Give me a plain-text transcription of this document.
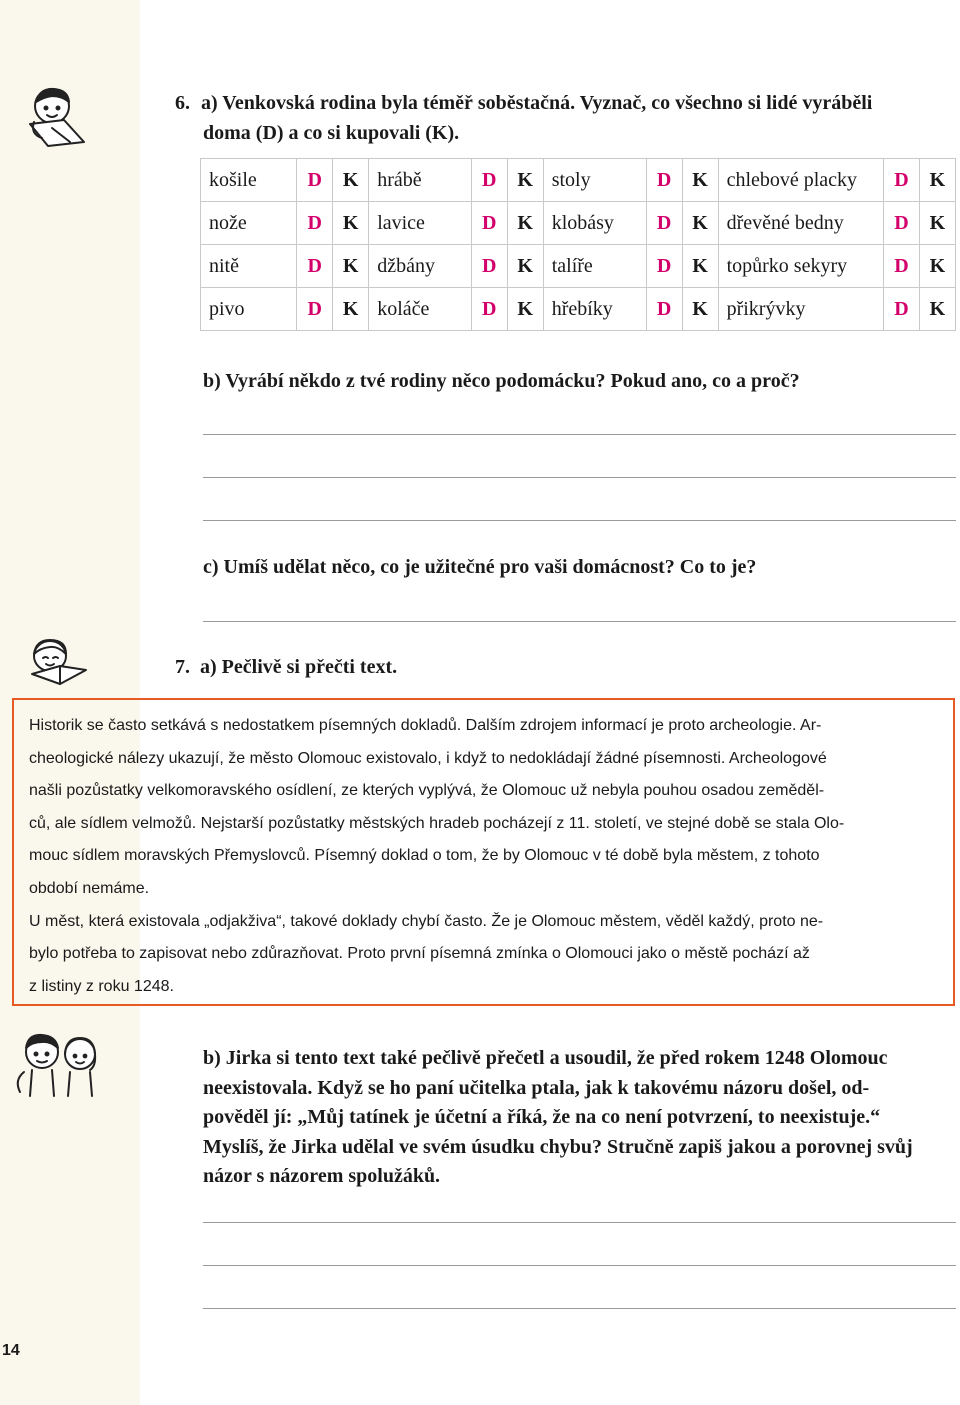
14
6. a) Venkovská rodina byla téměř soběstačná. Vyznač, co všechno si lidé vyráběli
doma (D) a co si kupovali (K).
košile	D	K	hrábě	D	K	stoly	D	K	chlebové placky	D	K
nože	D	K	lavice	D	K	klobásy	D	K	dřevěné bedny	D	K
nitě	D	K	džbány	D	K	talíře	D	K	topůrko sekyry	D	K
pivo	D	K	koláče	D	K	hřebíky	D	K	přikrývky	D	K
b) Vyrábí někdo z tvé rodiny něco podomácku? Pokud ano, co a proč?
c) Umíš udělat něco, co je užitečné pro vaši domácnost? Co to je?
7.  a) Pečlivě si přečti text.

Historik se často setkává s nedostatkem písemných dokladů. Dalším zdrojem informací je proto archeologie. Ar-

cheologické nálezy ukazují, že město Olomouc existovalo, i když to nedokládají žádné písemnosti. Archeologové

našli pozůstatky velkomoravského osídlení, ze kterých vyplývá, že Olomouc už nebyla pouhou osadou zeměděl-

ců, ale sídlem velmožů. Nejstarší pozůstatky městských hradeb pocházejí z 11. století, ve stejné době se stala Olo-

mouc sídlem moravských Přemyslovců. Písemný doklad o tom, že by Olomouc v té době byla městem, z tohoto

období nemáme.

U měst, která existovala „odjakživa“, takové doklady chybí často. Že je Olomouc městem, věděl každý, proto ne-

bylo potřeba to zapisovat nebo zdůrazňovat. Proto první písemná zmínka o Olomouci jako o městě pochází až

z listiny z roku 1248.

b) Jirka si tento text také pečlivě přečetl a usoudil, že před rokem 1248 Olomouc
neexistovala. Když se ho paní učitelka ptala, jak k takovému názoru došel, od-
pověděl jí: „Můj tatínek je účetní a říká, že na co není potvrzení, to neexistuje.“
Myslíš, že Jirka udělal ve svém úsudku chybu? Stručně zapiš jakou a porovnej svůj
názor s názorem spolužáků.
